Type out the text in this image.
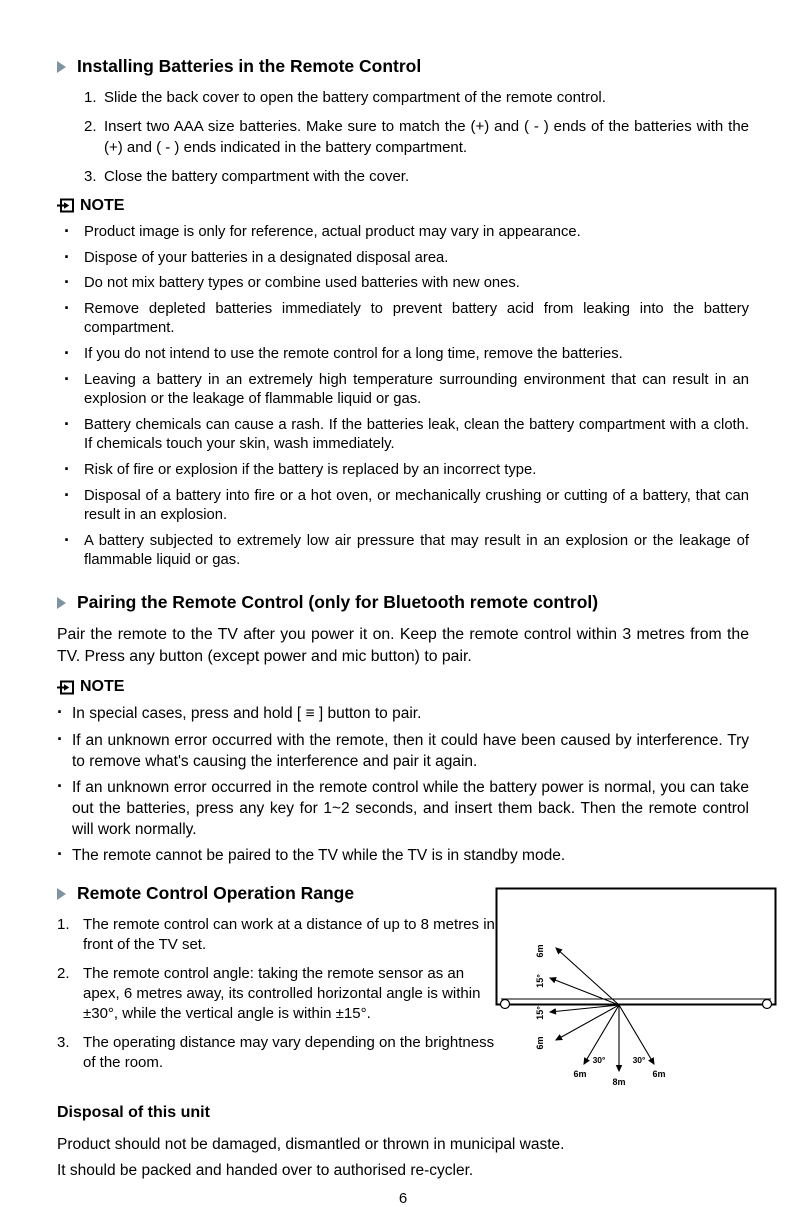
Installing Batteries in the Remote Control
Slide the back cover to open the battery compartment of the remote control.
Insert two AAA size batteries. Make sure to match the (+) and ( - ) ends of the batteries with the (+) and ( - ) ends indicated in the battery compartment.
Close the battery compartment with the cover.
NOTE
· Product image is only for reference, actual product may vary in appearance.
· Dispose of your batteries in a designated disposal area.
· Do not mix battery types or combine used batteries with new ones.
· Remove depleted batteries immediately to prevent battery acid from leaking into the battery compartment.
· If you do not intend to use the remote control for a long time, remove the batteries.
· Leaving a battery in an extremely high temperature surrounding environment that can result in an explosion or the leakage of flammable liquid or gas.
· Battery chemicals can cause a rash. If the batteries leak, clean the battery compartment with a cloth. If chemicals touch your skin, wash immediately.
· Risk of fire or explosion if the battery is replaced by an incorrect type.
· Disposal of a battery into fire or a hot oven, or mechanically crushing or cutting of a battery, that can result in an explosion.
· A battery subjected to extremely low air pressure that may result in an explosion or the leakage of flammable liquid or gas.
Pairing the Remote Control (only for Bluetooth remote control)

Pair the remote to the TV after you power it on. Keep the remote control within 3 metres from the TV. Press any button (except power and mic button) to pair.

NOTE
· In special cases, press and hold [ ≡ ] button to pair.
· If an unknown error occurred with the remote, then it could have been caused by interference. Try to remove what's causing the interference and pair it again.
· If an unknown error occurred in the remote control while the battery power is normal, you can take out the batteries, press any key for 1~2 seconds, and insert them back. Then the remote control will work normally.
· The remote cannot be paired to the TV while the TV is in standby mode.
Remote Control Operation Range
The remote control can work at a distance of up to 8 metres in front of the TV set.
The remote control angle: taking the remote sensor as an apex, 6 metres away, its controlled horizontal angle is within ±30°, while the vertical angle is within ±15°.
The operating distance may vary depending on the brightness of the room.
6m
15°
15°
6m
30°	30°
6m
8m
6m
Disposal of this unit

Product should not be damaged, dismantled or thrown in municipal waste.

It should be packed and handed over to authorised re-cycler.

6
